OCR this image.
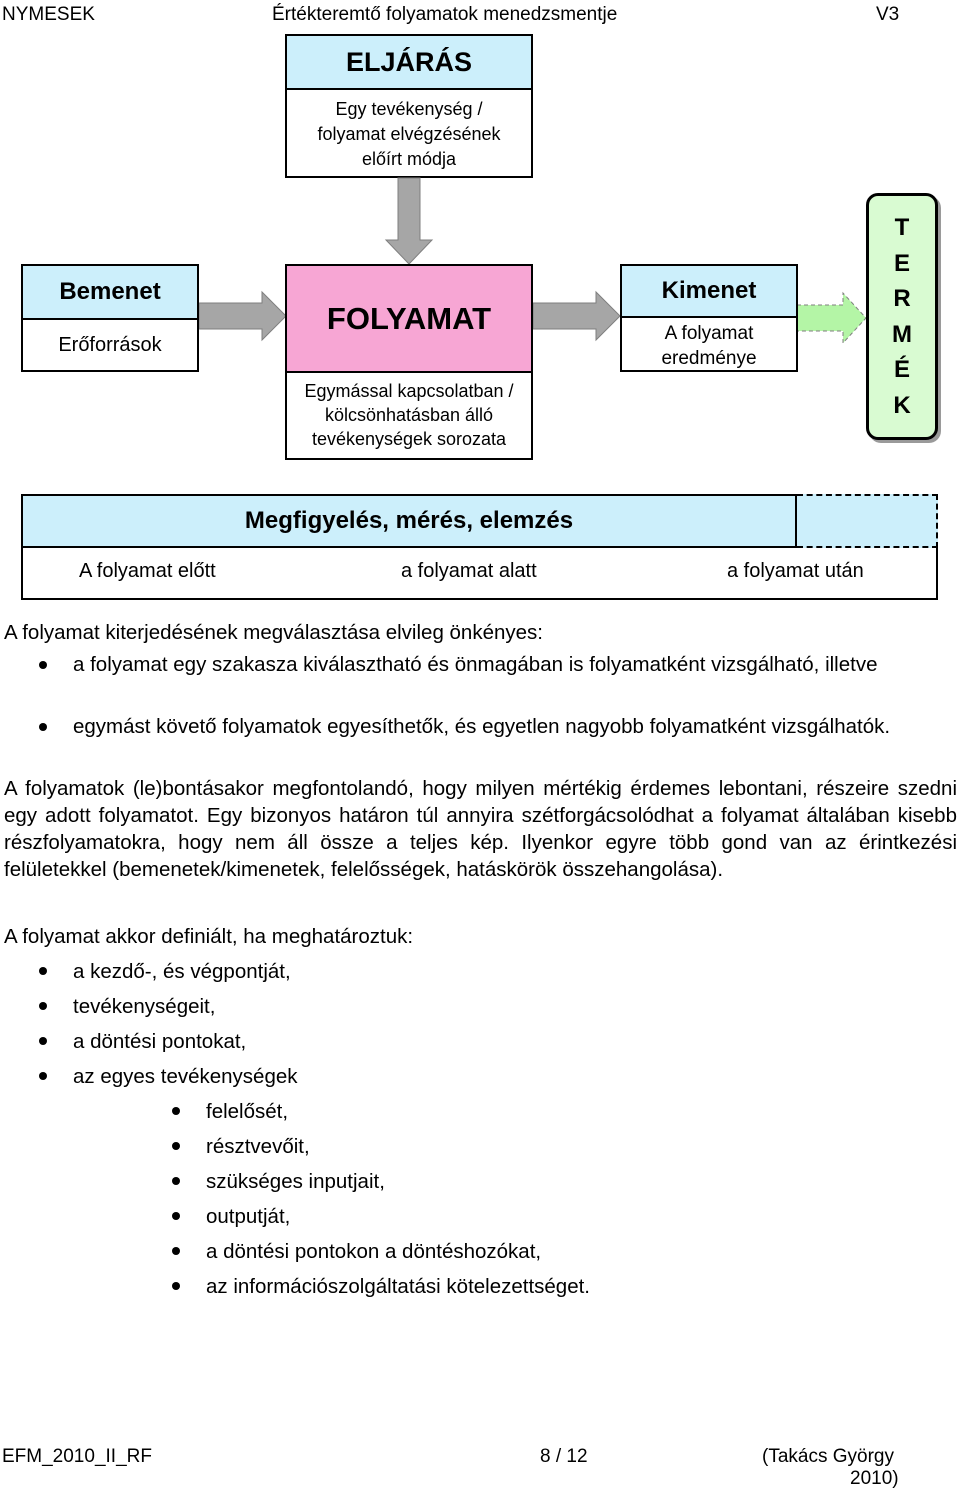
NYMESEK	Értékteremtő folyamatok menedzsmentje	V3
ELJÁRÁS
Egy tevékenység /
folyamat elvégzésének
előírt módja
Bemenet
Erőforrások
FOLYAMAT
Egymással kapcsolatban /
kölcsönhatásban álló
tevékenységek sorozata
Kimenet
A folyamat
eredménye
T
E
R
M
É
K
Megfigyelés, mérés, elemzés
A folyamat előtt	a folyamat alatt	a folyamat után
A folyamat kiterjedésének megválasztása elvileg önkényes:
a folyamat egy szakasza kiválasztható és önmagában is folyamatként vizsgálható, illetve
egymást követő folyamatok egyesíthetők, és egyetlen nagyobb folyamatként vizsgálhatók.
A folyamatok (le)bontásakor megfontolandó, hogy milyen mértékig érdemes lebontani, részeire szedni egy adott folyamatot. Egy bizonyos határon túl annyira szétforgácsolódhat a folyamat általában kisebb részfolyamatokra, hogy nem áll össze a teljes kép. Ilyenkor egyre több gond van az érintkezési felületekkel (bemenetek/kimenetek, felelősségek, hatáskörök összehangolása).
A folyamat akkor definiált, ha meghatároztuk:
a kezdő-, és végpontját,
tevékenységeit,
a döntési pontokat,
az egyes tevékenységek
felelősét,
résztvevőit,
szükséges inputjait,
outputját,
a döntési pontokon a döntéshozókat,
az információszolgáltatási kötelezettséget.
EFM_2010_II_RF	8 / 12	(Takács György
2010)
